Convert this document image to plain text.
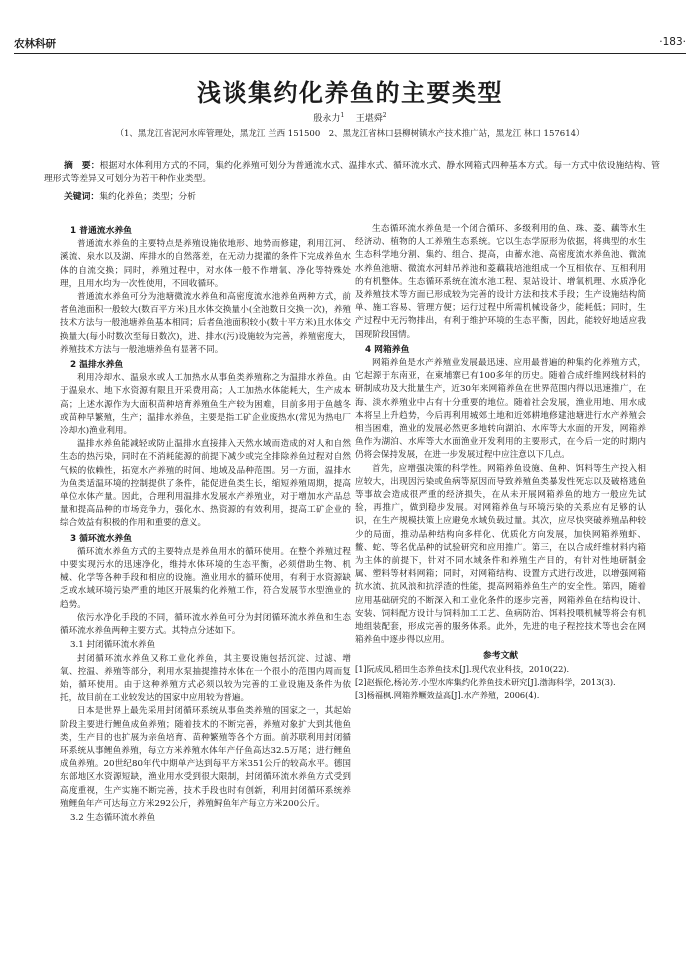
农林科研	·183·
浅谈集约化养鱼的主要类型
殷永力$^1$ 王堪舜$^2$
（1、黑龙江省泥河水库管理处，黑龙江 兰西 151500　2、黑龙江省林口县柳树镇水产技术推广站，黑龙江 林口 157614）
摘　要：根据对水体利用方式的不同，集约化养殖可划分为普通流水式、温排水式、循环流水式、静水网箱式四种基本方式。每一方式中依设施结构、管理形式等差异又可划分为若干种作业类型。
关键词：集约化养鱼；类型；分析
1 普通流水养鱼

普通流水养鱼的主要特点是养殖设施依地形、地势而修建，利用江河、溪流、泉水以及湖、库排水的自然落差，在无动力提灌的条件下完成养鱼水体的自流交换；同时，养殖过程中，对水体一般不作增氧、净化等特殊处理，且用水均为一次性使用，不回收循环。

普通流水养鱼可分为池塘微流水养鱼和高密度流水池养鱼两种方式，前者鱼池面积一般较大(数百平方米)且水体交换量小(全池数日交换一次)，养殖技术方法与一般池塘养鱼基本相同；后者鱼池面积较小(数十平方米)且水体交换量大(每小时数次至每日数次)，进、排水(污)设施较为完善，养殖密度大，养殖技术方法与一般池塘养鱼有显著不同。

2 温排水养鱼

利用冷却水、温泉水或人工加热水从事鱼类养殖称之为温排水养鱼。由于温泉水、地下水资源有限且开采费用高；人工加热水体能耗大，生产成本高；上述水源作为大面积苗种培育养殖鱼生产较为困难，目前多用于鱼越冬或苗种早繁殖，生产；温排水养鱼，主要是指工矿企业废热水(常见为热电厂冷却水)渔业利用。

温排水养鱼能减轻或防止温排水直接排入天然水域而造成的对人和自然生态的热污染，同时在不消耗能源的前提下减少或完全排除养鱼过程对自然气候的依赖性，拓宽水产养殖的时间、地域及品种范围。另一方面，温排水为鱼类适温环境的控制提供了条件，能促进鱼类生长，缩短养殖周期，提高单位水体产量。因此，合理利用温排水发展水产养殖业，对于增加水产品总量和提高品种的市场竞争力，强化水、热资源的有效利用，提高工矿企业的综合效益有积极的作用和重要的意义。

3 循环流水养鱼

循环流水养鱼方式的主要特点是养鱼用水的循环使用。在整个养殖过程中要实现污水的迅速净化，维持水体环境的生态平衡，必须借助生物、机械、化学等各种手段和相应的设施。渔业用水的循环使用，有利于水资源缺乏或水域环境污染严重的地区开展集约化养殖工作，符合发展节水型渔业的趋势。

依污水净化手段的不同，循环流水养鱼可分为封闭循环流水养鱼和生态循环流水养鱼两种主要方式。其特点分述如下。

3.1 封闭循环流水养鱼

封闭循环流水养鱼又称工业化养鱼，其主要设施包括沉淀、过滤、增氧、控温、养殖等部分，利用水泵抽提推持水体在一个很小的范围内周而复始，循环使用。由于这种养殖方式必须以较为完善的工业设施及条件为依托，故目前在工业较发达的国家中应用较为普遍。

日本是世界上最先采用封闭循环系统从事鱼类养殖的国家之一，其起始阶段主要进行鲤鱼成鱼养殖；随着技术的不断完善，养殖对象扩大到其他鱼类，生产目的也扩展为亲鱼培育、苗种繁殖等各个方面。前苏联利用封闭循环系统从事鲤鱼养殖，每立方米养殖水体年产仔鱼高达32.5万尾；进行鲤鱼成鱼养殖。20世纪80年代中期单产达到每平方米351公斤的较高水平。德国东部地区水资源短缺，渔业用水受到很大限制，封闭循环流水养鱼方式受到高度重视，生产实施不断完善，技术手段也时有创新，利用封闭循环系统养殖鲤鱼年产可达每立方米292公斤，养殖鲟鱼年产每立方米200公斤。

3.2 生态循环流水养鱼

生态循环流水养鱼是一个闭合循环、多级利用的鱼、珠、菱、藕等水生经济动、植物的人工养殖生态系统。它以生态学原形为依据，将典型的水生生态科学地分割、集约、组合、提高，由蓄水池、高密度流水养鱼池、微流水养鱼池塘、微流水河蚌吊养池和菱藕栽培池组成一个互相依存、互相利用的有机整体。生态循环系统在流水池工程、泵站设计、增氧机理、水质净化及养殖技术等方面已形成较为完善的设计方法和技术手段；生产设施结构简单、施工容易、管理方便；运行过程中所需机械设备少，能耗低；同时，生产过程中无污物排出，有利于维护环境的生态平衡，因此，能较好地适应我国现阶段国情。

4 网箱养鱼

网箱养鱼是水产养殖业发展最迅速、应用最普遍的种集约化养殖方式，它起源于东南亚，在柬埔寨已有100多年的历史。随着合成纤维网线材料的研制成功及大批量生产，近30年来网箱养鱼在世界范围内得以迅速推广，在海、淡水养殖业中占有十分重要的地位。随着社会发展，渔业用地、用水成本将呈上升趋势，今后再利用城郊土地和近郊耕地修建池塘进行水产养殖会相当困难，渔业的发展必然更多地转向湖泊、水库等大水面的开发，网箱养鱼作为湖泊、水库等大水面渔业开发利用的主要形式，在今后一定的时期内仍将会保持发展，在进一步发展过程中应注意以下几点。

首先，应增强决策的科学性。网箱养鱼设施、鱼种、饵料等生产投入相应较大，出现因污染或鱼病等原因而导致养殖鱼类暴发性死忘以及破格逃鱼等事故会造成很严重的经济损失，在从未开展网箱养鱼的地方一般应先试验，再推广，做到稳步发展。对网箱养鱼与环境污染的关系应有足够的认识，在生产规模扶策上应避免水域负载过量。其次，应尽快突破养殖品种较少的局面，推动品种结构向多样化、优质化方向发展，加快网箱养殖虾、鳖、蛇、等名优品种的试验研究和应用推广。第三，在以合成纤维材料内箱为主体的前提下，针对不同水域条件和养殖生产目的，有针对性地研制金属、塑料等材料网箱；同时，对网箱结构、设置方式进行改进，以增强网箱抗水流、抗风浪和抗浮渣的性能，提高网箱养鱼生产的安全性。第四，随着应用基础研究的不断深入和工业化条件的逐步完善，网箱养鱼在结构设计、安装、饲料配方设计与饲料加工工艺、鱼病防治、饵料投喂机械等将会有机地组装配套，形成完善的服务体系。此外，先进的电子程控技术等也会在网箱养鱼中逐步得以应用。

参考文献
[1]阮成凤,稻田生态养鱼技术[J].现代农业科技，2010(22).
[2]赵振伦,杨沁芳.小型水库集约化养鱼技术研究[J].渤海科学，2013(3).
[3]杨福枫.网箱养鳜效益高[J].水产养殖，2006(4).
